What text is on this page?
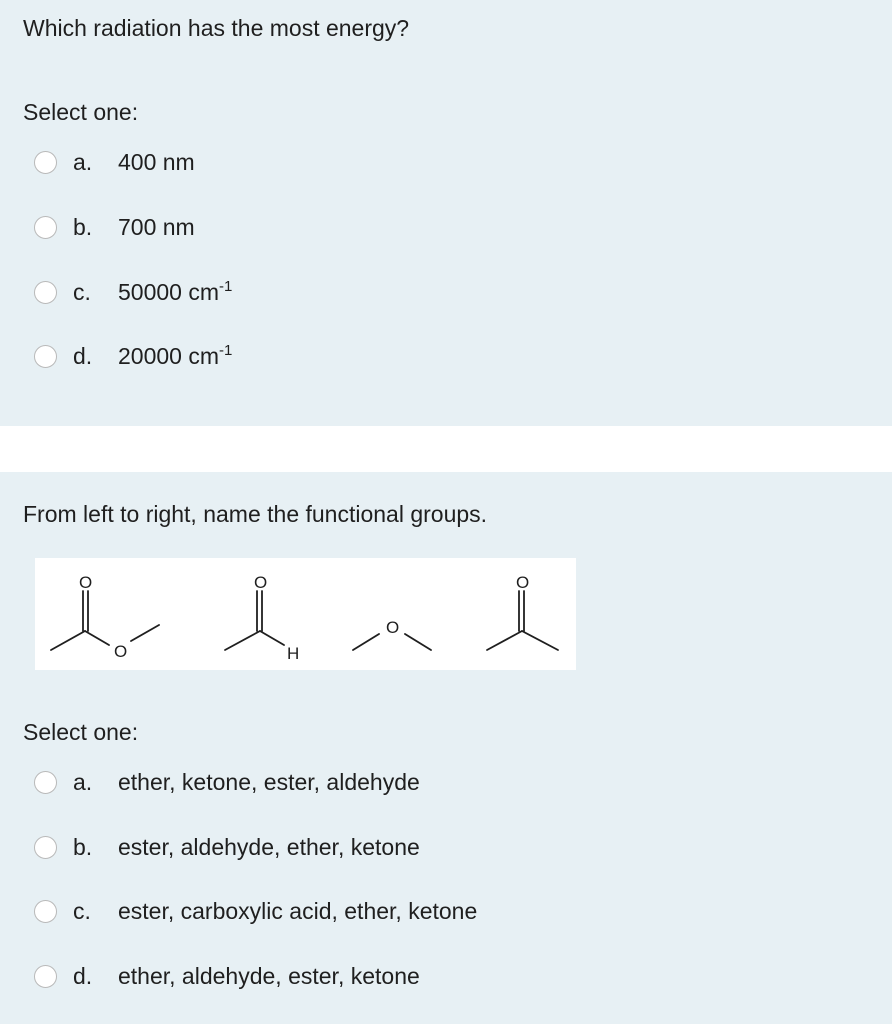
Which radiation has the most energy?
Select one:
a.	400 nm
b.	700 nm
c.	50000 $cm^{-1}$
d.	20000 $cm^{-1}$
From left to right, name the functional groups.
O
O
O
H
O
O
Select one:
a.	ether, ketone, ester, aldehyde
b.	ester, aldehyde, ether, ketone
c.	ester, carboxylic acid, ether, ketone
d.	ether, aldehyde, ester, ketone
